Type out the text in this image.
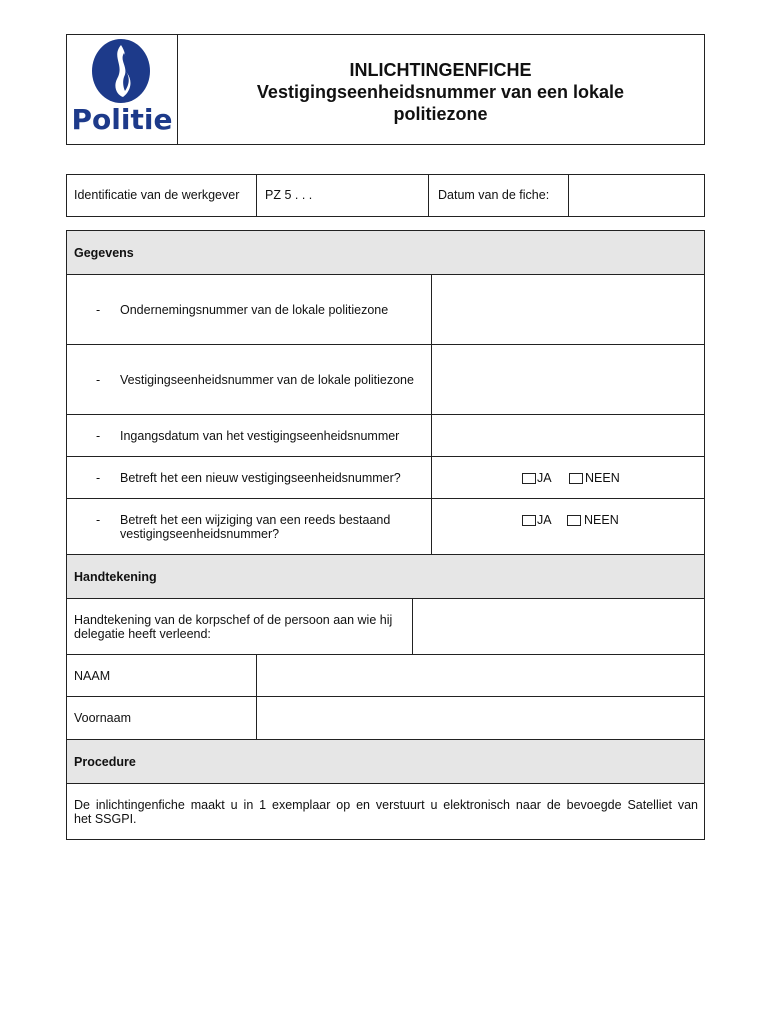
Politie
INLICHTINGENFICHE
Vestigingseenheidsnummer van een lokale
politiezone
Identificatie van de werkgever PZ 5 . . .	Datum van de fiche:
Gegevens
- Ondernemingsnummer van de lokale politiezone
- Vestigingseenheidsnummer van de lokale politiezone
- Ingangsdatum van het vestigingseenheidsnummer
- Betreft het een nieuw vestigingseenheidsnummer?	JA	NEEN
- Betreft het een wijziging van een reeds bestaand
vestigingseenheidsnummer?
JA	NEEN
Handtekening
Handtekening van de korpschef of de persoon aan wie hij
delegatie heeft verleend:
NAAM
Voornaam
Procedure
De inlichtingenfiche maakt u in 1 exemplaar op en verstuurt u elektronisch naar de bevoegde Satelliet van
het SSGPI.
